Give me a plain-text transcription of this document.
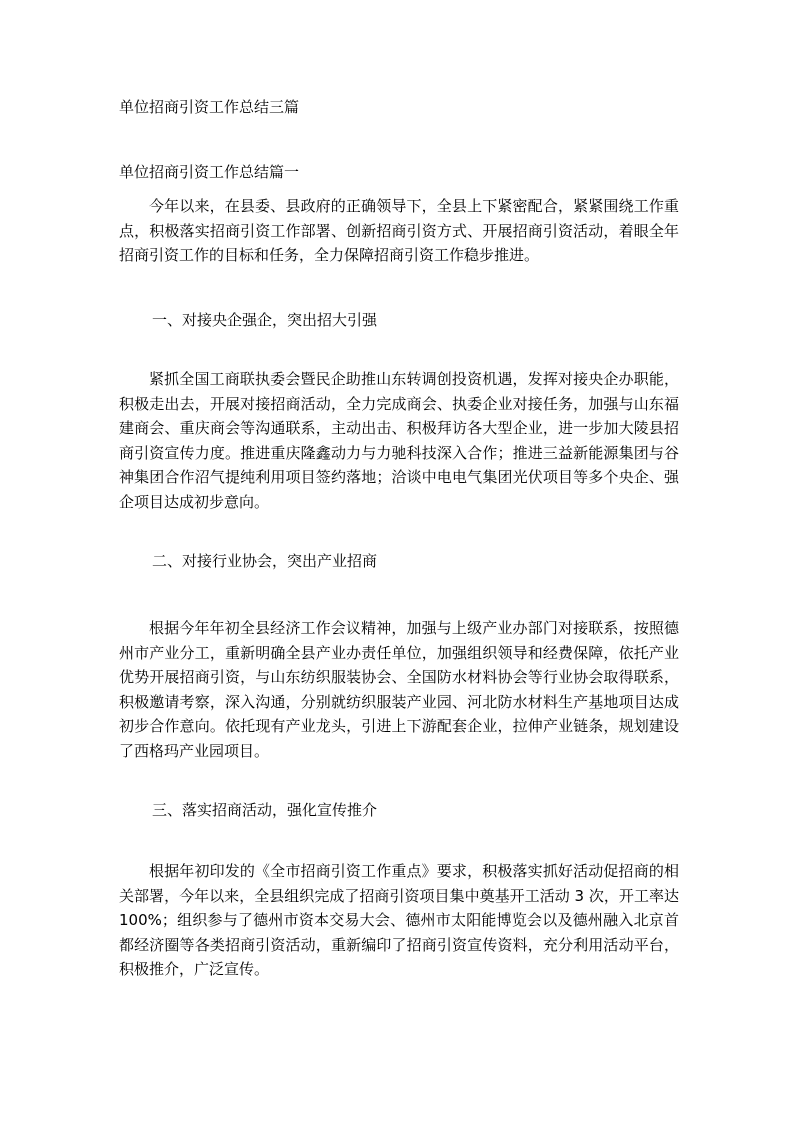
单位招商引资工作总结三篇
单位招商引资工作总结篇一

今年以来，在县委、县政府的正确领导下，全县上下紧密配合，紧紧围绕工作重点，积极落实招商引资工作部署、创新招商引资方式、开展招商引资活动，着眼全年招商引资工作的目标和任务，全力保障招商引资工作稳步推进。

一、对接央企强企，突出招大引强

紧抓全国工商联执委会暨民企助推山东转调创投资机遇，发挥对接央企办职能，积极走出去，开展对接招商活动，全力完成商会、执委企业对接任务，加强与山东福建商会、重庆商会等沟通联系，主动出击、积极拜访各大型企业，进一步加大陵县招商引资宣传力度。推进重庆隆鑫动力与力驰科技深入合作；推进三益新能源集团与谷神集团合作沼气提纯利用项目签约落地；洽谈中电电气集团光伏项目等多个央企、强企项目达成初步意向。

二、对接行业协会，突出产业招商

根据今年年初全县经济工作会议精神，加强与上级产业办部门对接联系，按照德州市产业分工，重新明确全县产业办责任单位，加强组织领导和经费保障，依托产业优势开展招商引资，与山东纺织服装协会、全国防水材料协会等行业协会取得联系，积极邀请考察，深入沟通，分别就纺织服装产业园、河北防水材料生产基地项目达成初步合作意向。依托现有产业龙头，引进上下游配套企业，拉伸产业链条，规划建设了西格玛产业园项目。

三、落实招商活动，强化宣传推介

根据年初印发的《全市招商引资工作重点》要求，积极落实抓好活动促招商的相关部署，今年以来，全县组织完成了招商引资项目集中奠基开工活动 3 次，开工率达 100%；组织参与了德州市资本交易大会、德州市太阳能博览会以及德州融入北京首都经济圈等各类招商引资活动，重新编印了招商引资宣传资料，充分利用活动平台，积极推介，广泛宣传。
